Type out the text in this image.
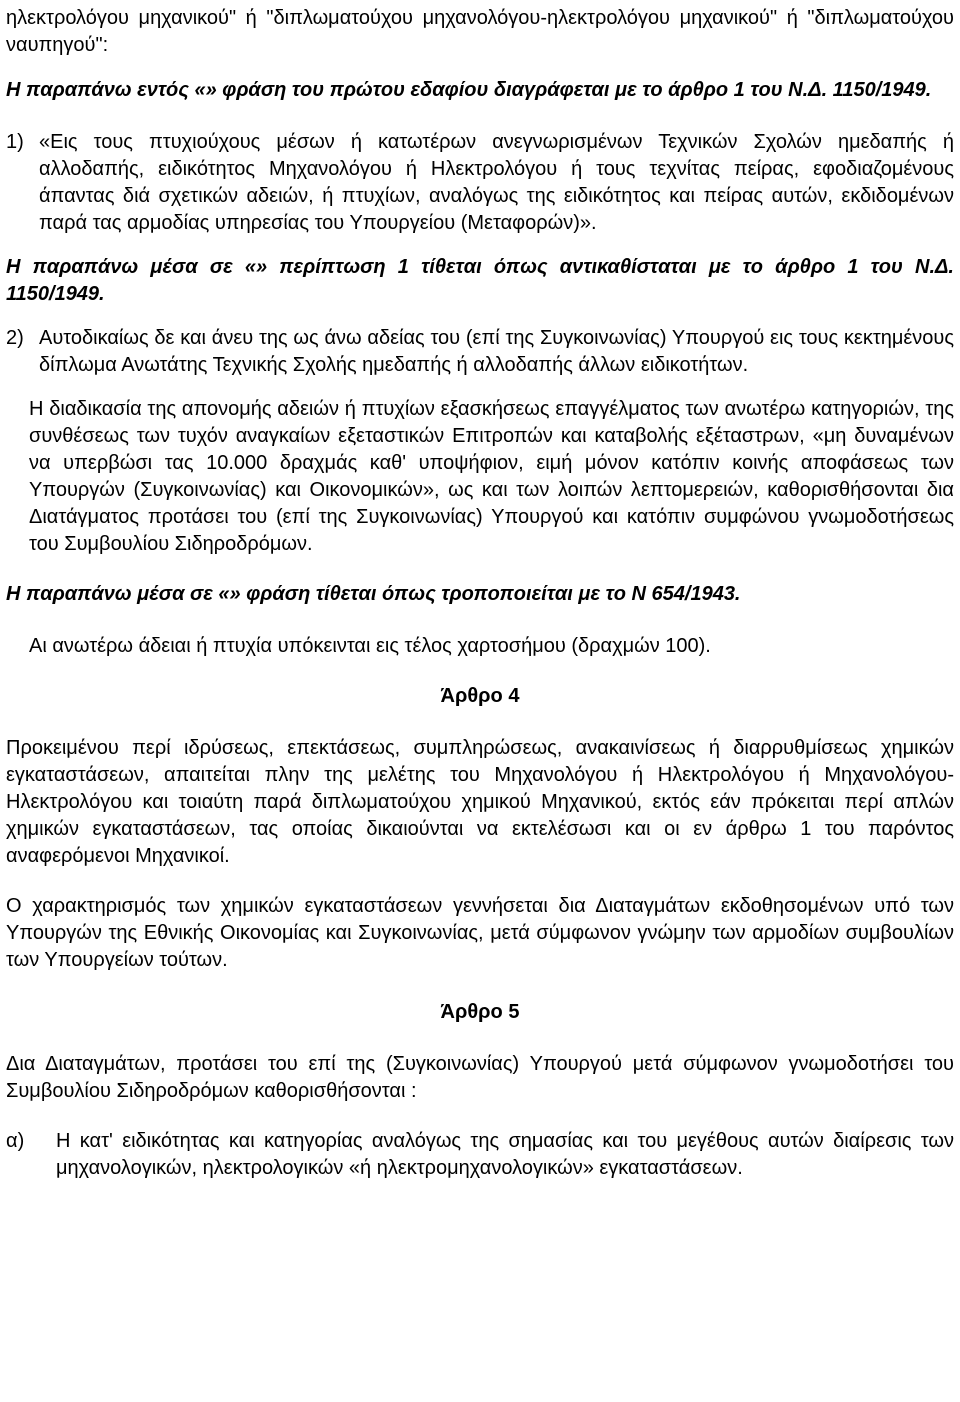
ηλεκτρολόγου μηχανικού" ή "διπλωματούχου μηχανολόγου-ηλεκτρολόγου μηχανικού" ή "διπλωματούχου ναυπηγού":

Η παραπάνω εντός «» φράση του πρώτου εδαφίου διαγράφεται με το άρθρο 1 του Ν.Δ. 1150/1949.

1) «Εις τους πτυχιούχους μέσων ή κατωτέρων ανεγνωρισμένων Τεχνικών Σχολών ημεδαπής ή αλλοδαπής, ειδικότητος Μηχανολόγου ή Ηλεκτρολόγου ή τους τεχνίτας πείρας, εφοδιαζομένους άπαντας διά σχετικών αδειών, ή πτυχίων, αναλόγως της ειδικότητος και πείρας αυτών, εκδιδομένων παρά τας αρμοδίας υπηρεσίας του Υπουργείου (Μεταφορών)».

Η παραπάνω μέσα σε «» περίπτωση 1 τίθεται όπως αντικαθίσταται με το άρθρο 1 του Ν.Δ. 1150/1949.

2) Αυτοδικαίως δε και άνευ της ως άνω αδείας του (επί της Συγκοινωνίας) Υπουργού εις τους κεκτημένους δίπλωμα Ανωτάτης Τεχνικής Σχολής ημεδαπής ή αλλοδαπής άλλων ειδικοτήτων.

Η διαδικασία της απονομής αδειών ή πτυχίων εξασκήσεως επαγγέλματος των ανωτέρω κατηγοριών, της συνθέσεως των τυχόν αναγκαίων εξεταστικών Επιτροπών και καταβολής εξέταστρων, «μη δυναμένων να υπερβώσι τας 10.000 δραχμάς καθ' υποψήφιον, ειμή μόνον κατόπιν κοινής αποφάσεως των Υπουργών (Συγκοινωνίας) και Οικονομικών», ως και των λοιπών λεπτομερειών, καθορισθήσονται δια Διατάγματος προτάσει του (επί της Συγκοινωνίας) Υπουργού και κατόπιν συμφώνου γνωμοδοτήσεως του Συμβουλίου Σιδηροδρόμων.

Η παραπάνω μέσα σε «» φράση τίθεται όπως τροποποιείται με το Ν 654/1943.

Αι ανωτέρω άδειαι ή πτυχία υπόκεινται εις τέλος χαρτοσήμου (δραχμών 100).

Άρθρο 4

Προκειμένου περί ιδρύσεως, επεκτάσεως, συμπληρώσεως, ανακαινίσεως ή διαρρυθμίσεως χημικών εγκαταστάσεων, απαιτείται πλην της μελέτης του Μηχανολόγου ή Ηλεκτρολόγου ή Μηχανολόγου-Ηλεκτρολόγου και τοιαύτη παρά διπλωματούχου χημικού Μηχανικού, εκτός εάν πρόκειται περί απλών χημικών εγκαταστάσεων, τας οποίας δικαιούνται να εκτελέσωσι και οι εν άρθρω 1 του παρόντος αναφερόμενοι Μηχανικοί.

Ο χαρακτηρισμός των χημικών εγκαταστάσεων γεννήσεται δια Διαταγμάτων εκδοθησομένων υπό των Υπουργών της Εθνικής Οικονομίας και Συγκοινωνίας, μετά σύμφωνον γνώμην των αρμοδίων συμβουλίων των Υπουργείων τούτων.

Άρθρο 5

Δια Διαταγμάτων, προτάσει του επί της (Συγκοινωνίας) Υπουργού μετά σύμφωνον γνωμοδοτήσει του Συμβουλίου Σιδηροδρόμων καθορισθήσονται :

α)	Η κατ' ειδικότητας και κατηγορίας αναλόγως της σημασίας και του μεγέθους αυτών διαίρεσις των μηχανολογικών, ηλεκτρολογικών «ή ηλεκτρομηχανολογικών» εγκαταστάσεων.
